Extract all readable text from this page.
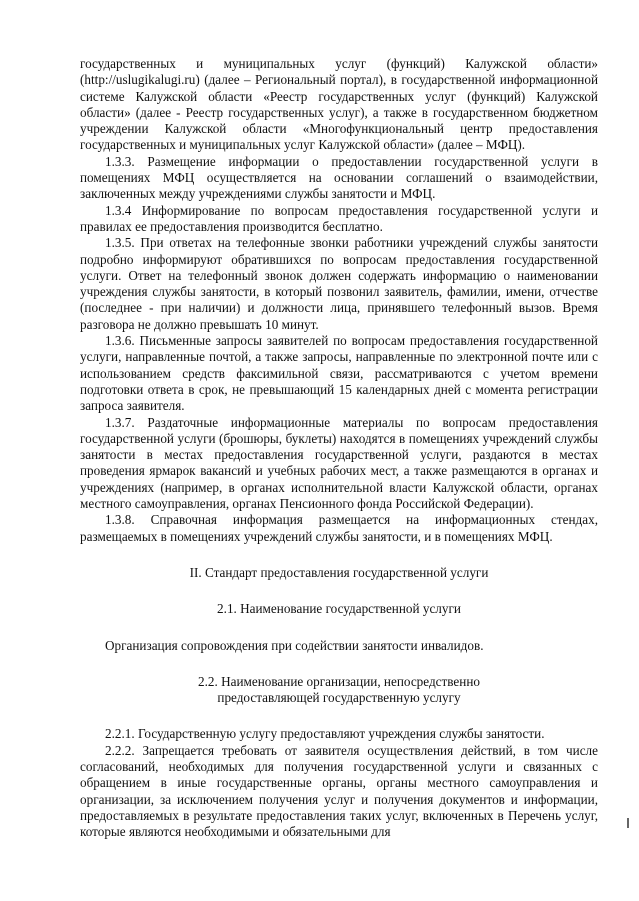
государственных и муниципальных услуг (функций) Калужской области» (http://uslugikalugi.ru) (далее – Региональный портал), в государственной информационной системе Калужской области «Реестр государственных услуг (функций) Калужской области» (далее - Реестр государственных услуг), а также в государственном бюджетном учреждении Калужской области «Многофункциональный центр предоставления государственных и муниципальных услуг Калужской области» (далее – МФЦ).

1.3.3. Размещение информации о предоставлении государственной услуги в помещениях МФЦ осуществляется на основании соглашений о взаимодействии, заключенных между учреждениями службы занятости и МФЦ.

1.3.4 Информирование по вопросам предоставления государственной услуги и правилах ее предоставления производится бесплатно.

1.3.5. При ответах на телефонные звонки работники учреждений службы занятости подробно информируют обратившихся по вопросам предоставления государственной услуги. Ответ на телефонный звонок должен содержать информацию о наименовании учреждения службы занятости, в который позвонил заявитель, фамилии, имени, отчестве (последнее - при наличии) и должности лица, принявшего телефонный вызов. Время разговора не должно превышать 10 минут.

1.3.6. Письменные запросы заявителей по вопросам предоставления государственной услуги, направленные почтой, а также запросы, направленные по электронной почте или с использованием средств факсимильной связи, рассматриваются с учетом времени подготовки ответа в срок, не превышающий 15 календарных дней с момента регистрации запроса заявителя.

1.3.7. Раздаточные информационные материалы по вопросам предоставления государственной услуги (брошюры, буклеты) находятся в помещениях учреждений службы занятости в местах предоставления государственной услуги, раздаются в местах проведения ярмарок вакансий и учебных рабочих мест, а также размещаются в органах и учреждениях (например, в органах исполнительной власти Калужской области, органах местного самоуправления, органах Пенсионного фонда Российской Федерации).

1.3.8. Справочная информация размещается на информационных стендах, размещаемых в помещениях учреждений службы занятости, и в помещениях МФЦ.

II. Стандарт предоставления государственной услуги

2.1. Наименование государственной услуги

Организация сопровождения при содействии занятости инвалидов.

2.2. Наименование организации, непосредственно

предоставляющей государственную услугу

2.2.1. Государственную услугу предоставляют учреждения службы занятости.

2.2.2. Запрещается требовать от заявителя осуществления действий, в том числе согласований, необходимых для получения государственной услуги и связанных с обращением в иные государственные органы, органы местного самоуправления и организации, за исключением получения услуг и получения документов и информации, предоставляемых в результате предоставления таких услуг, включенных в Перечень услуг, которые являются необходимыми и обязательными для
